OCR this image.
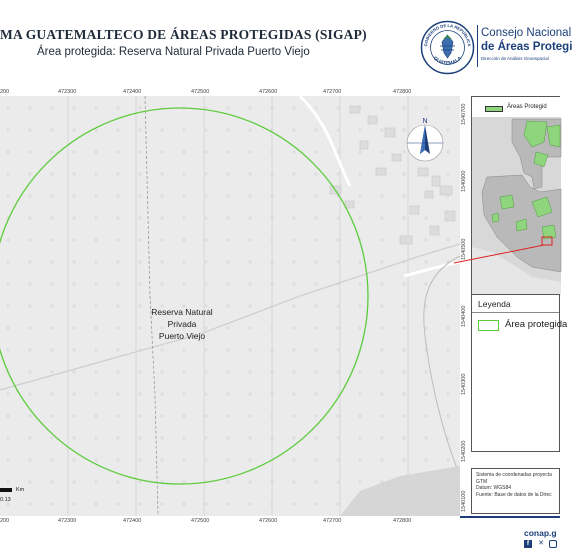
MA GUATEMALTECO DE ÁREAS PROTEGIDAS (SIGAP)
Área protegida: Reserva Natural Privada Puerto Viejo
GOBIERNO DE LA REPÚBLICA
GUATEMALA
Consejo Nacional
de Áreas Protegi
Dirección de Análisis Geoespacial
Reserva Natural
Privada
Puerto Viejo
N
200	472300	472400	472500	472600	472700	472800
200	472300	472400	472500	472600	472700	472800
1540700
1540600
1540500
1540400
1540300
1540200
1540100
Km
0.13
Áreas Protegid
Leyenda
Área protegida
Sistema de coordenadas proyecta
GTM
Datum: WGS84
Fuente: Base de datos de la Direc
conap.g
f	✕
